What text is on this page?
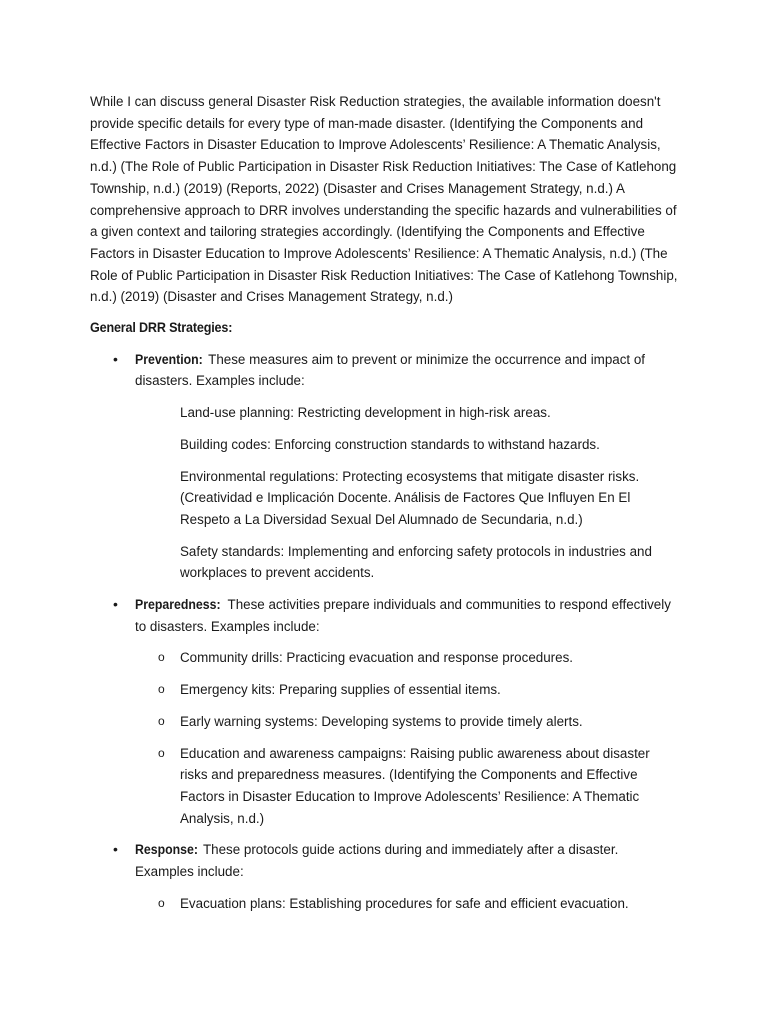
While I can discuss general Disaster Risk Reduction strategies, the available information doesn't provide specific details for every type of man-made disaster. (Identifying the Components and Effective Factors in Disaster Education to Improve Adolescents’ Resilience: A Thematic Analysis, n.d.) (The Role of Public Participation in Disaster Risk Reduction Initiatives: The Case of Katlehong Township, n.d.) (2019) (Reports, 2022) (Disaster and Crises Management Strategy, n.d.) A comprehensive approach to DRR involves understanding the specific hazards and vulnerabilities of a given context and tailoring strategies accordingly. (Identifying the Components and Effective Factors in Disaster Education to Improve Adolescents’ Resilience: A Thematic Analysis, n.d.) (The Role of Public Participation in Disaster Risk Reduction Initiatives: The Case of Katlehong Township, n.d.) (2019) (Disaster and Crises Management Strategy, n.d.)

General DRR Strategies:

• Prevention: These measures aim to prevent or minimize the occurrence and impact of disasters. Examples include:
Land-use planning: Restricting development in high-risk areas.
Building codes: Enforcing construction standards to withstand hazards.
Environmental regulations: Protecting ecosystems that mitigate disaster risks. (Creatividad e Implicación Docente. Análisis de Factores Que Influyen En El Respeto a La Diversidad Sexual Del Alumnado de Secundaria, n.d.)
Safety standards: Implementing and enforcing safety protocols in industries and workplaces to prevent accidents.
• Preparedness: These activities prepare individuals and communities to respond effectively to disasters. Examples include:
o Community drills: Practicing evacuation and response procedures.
o Emergency kits: Preparing supplies of essential items.
o Early warning systems: Developing systems to provide timely alerts.
o Education and awareness campaigns: Raising public awareness about disaster risks and preparedness measures. (Identifying the Components and Effective Factors in Disaster Education to Improve Adolescents’ Resilience: A Thematic Analysis, n.d.)
• Response: These protocols guide actions during and immediately after a disaster. Examples include:
o Evacuation plans: Establishing procedures for safe and efficient evacuation.
